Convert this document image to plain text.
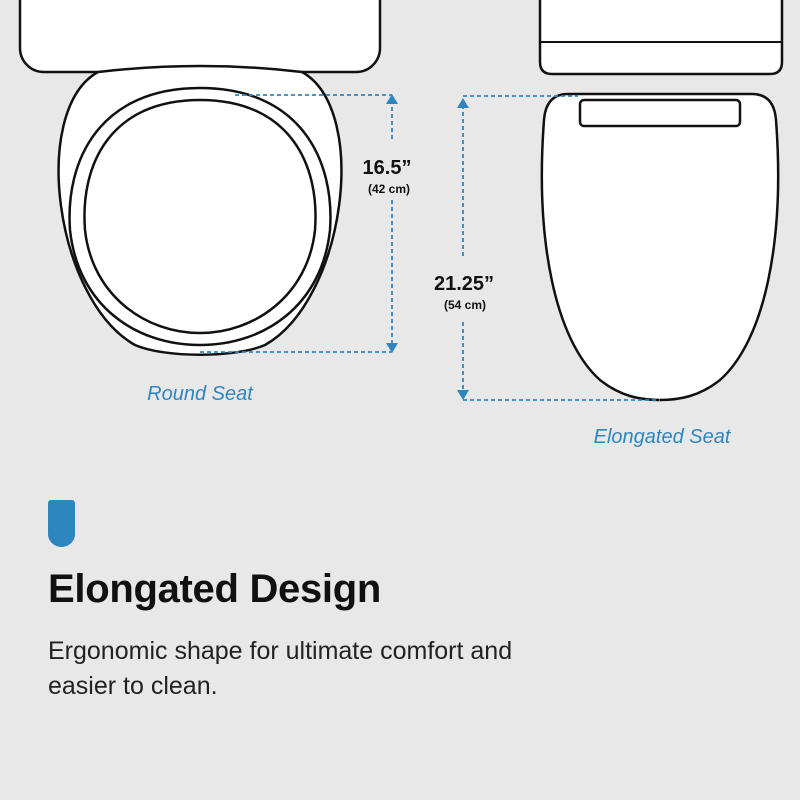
16.5”
(42 cm)
Round Seat
21.25”
(54 cm)
Elongated Seat
Elongated Design

Ergonomic shape for ultimate comfort and easier to clean.
